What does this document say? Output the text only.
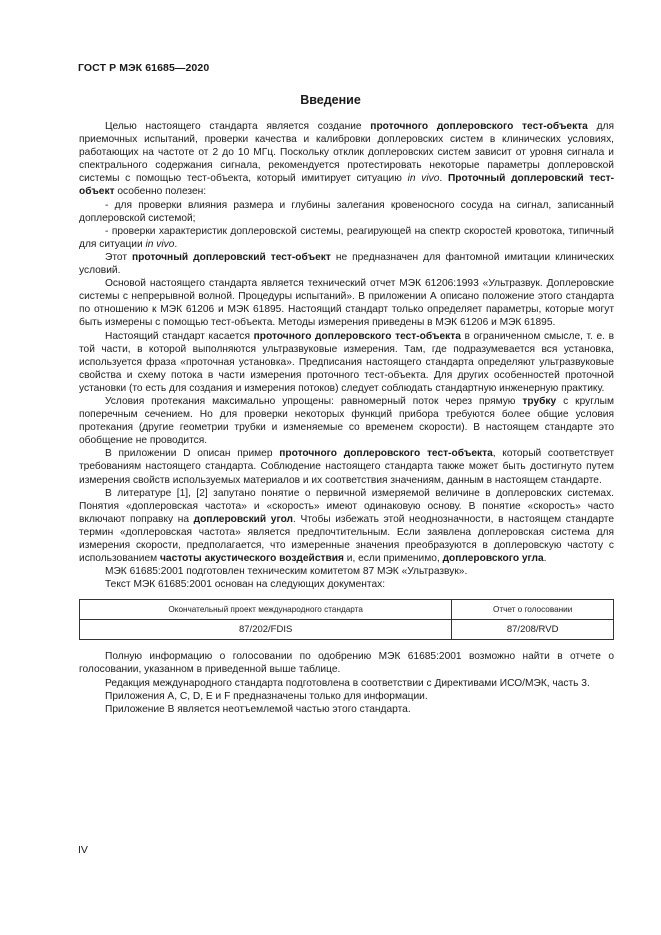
ГОСТ Р МЭК 61685—2020
Введение

Целью настоящего стандарта является создание проточного доплеровского тест-объекта для приемочных испытаний, проверки качества и калибровки доплеровских систем в клинических условиях, работающих на частоте от 2 до 10 МГц. Поскольку отклик доплеровских систем зависит от уровня сигнала и спектрального содержания сигнала, рекомендуется протестировать некоторые параметры доплеровской системы с помощью тест-объекта, который имитирует ситуацию in vivo. Проточный доплеровский тест-объект особенно полезен:

- для проверки влияния размера и глубины залегания кровеносного сосуда на сигнал, записанный доплеровской системой;

- проверки характеристик доплеровской системы, реагирующей на спектр скоростей кровотока, типичный для ситуации in vivo.

Этот проточный доплеровский тест-объект не предназначен для фантомной имитации клинических условий.

Основой настоящего стандарта является технический отчет МЭК 61206:1993 «Ультразвук. Доплеровские системы с непрерывной волной. Процедуры испытаний». В приложении А описано положение этого стандарта по отношению к МЭК 61206 и МЭК 61895. Настоящий стандарт только определяет параметры, которые могут быть измерены с помощью тест-объекта. Методы измерения приведены в МЭК 61206 и МЭК 61895.

Настоящий стандарт касается проточного доплеровского тест-объекта в ограниченном смысле, т. е. в той части, в которой выполняются ультразвуковые измерения. Там, где подразумевается вся установка, используется фраза «проточная установка». Предписания настоящего стандарта определяют ультразвуковые свойства и схему потока в части измерения проточного тест-объекта. Для других особенностей проточной установки (то есть для создания и измерения потоков) следует соблюдать стандартную инженерную практику.

Условия протекания максимально упрощены: равномерный поток через прямую трубку с круглым поперечным сечением. Но для проверки некоторых функций прибора требуются более общие условия протекания (другие геометрии трубки и изменяемые со временем скорости). В настоящем стандарте это обобщение не проводится.

В приложении D описан пример проточного доплеровского тест-объекта, который соответствует требованиям настоящего стандарта. Соблюдение настоящего стандарта также может быть достигнуто путем измерения свойств используемых материалов и их соответствия значениям, данным в настоящем стандарте.

В литературе [1], [2] запутано понятие о первичной измеряемой величине в доплеровских системах. Понятия «доплеровская частота» и «скорость» имеют одинаковую основу. В понятие «скорость» часто включают поправку на доплеровский угол. Чтобы избежать этой неоднозначности, в настоящем стандарте термин «доплеровская частота» является предпочтительным. Если заявлена доплеровская система для измерения скорости, предполагается, что измеренные значения преобразуются в доплеровскую частоту с использованием частоты акустического воздействия и, если применимо, доплеровского угла.

МЭК 61685:2001 подготовлен техническим комитетом 87 МЭК «Ультразвук».

Текст МЭК 61685:2001 основан на следующих документах:

Окончательный проект международного стандарта	Отчет о голосовании
87/202/FDIS	87/208/RVD

Полную информацию о голосовании по одобрению МЭК 61685:2001 возможно найти в отчете о голосовании, указанном в приведенной выше таблице.

Редакция международного стандарта подготовлена в соответствии с Директивами ИСО/МЭК, часть 3.

Приложения А, С, D, Е и F предназначены только для информации.

Приложение В является неотъемлемой частью этого стандарта.

IV
